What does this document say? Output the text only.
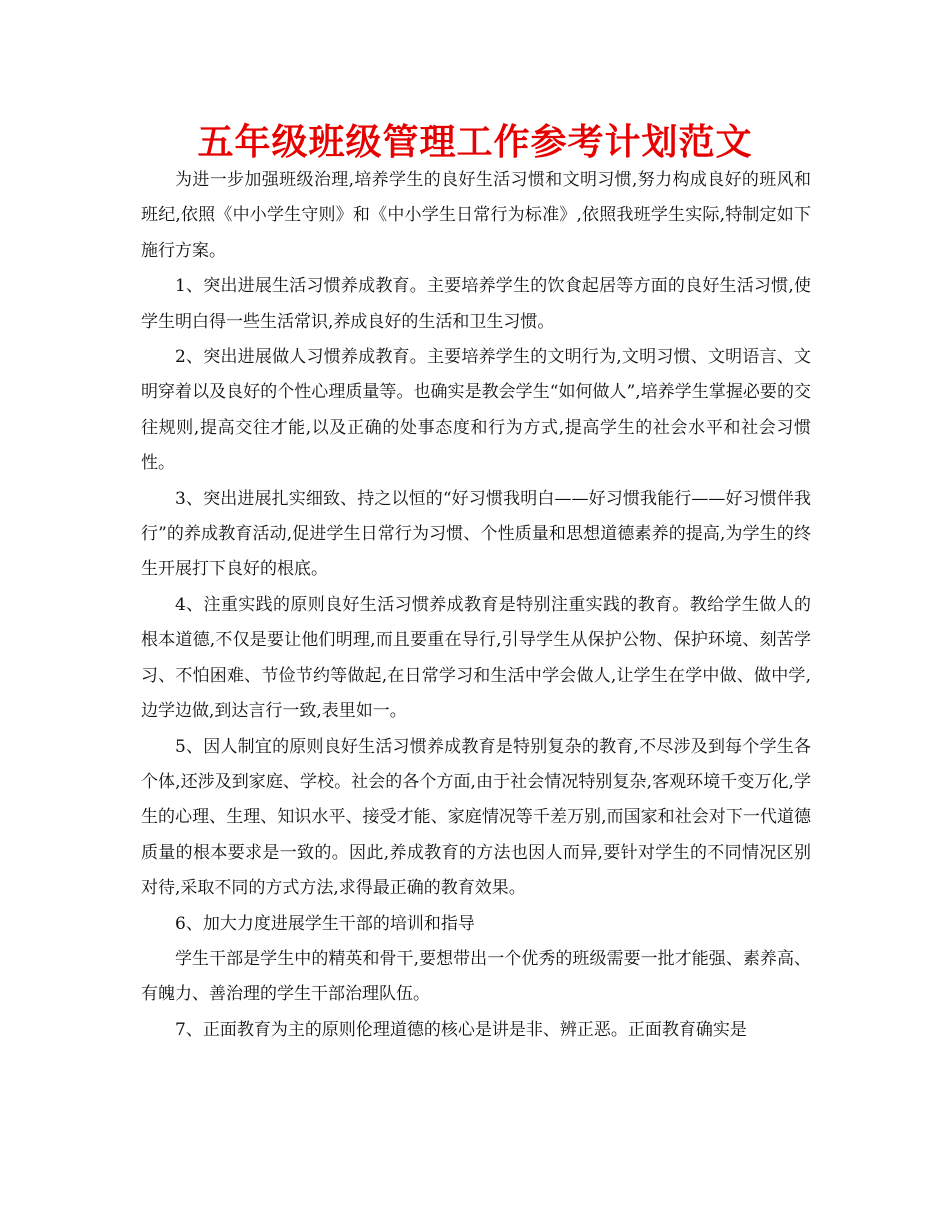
五年级班级管理工作参考计划范文

为进一步加强班级治理,培养学生的良好生活习惯和文明习惯,努力构成良好的班风和班纪,依照《中小学生守则》和《中小学生日常行为标准》,依照我班学生实际,特制定如下施行方案。

1、突出进展生活习惯养成教育。主要培养学生的饮食起居等方面的良好生活习惯,使学生明白得一些生活常识,养成良好的生活和卫生习惯。

2、突出进展做人习惯养成教育。主要培养学生的文明行为,文明习惯、文明语言、文明穿着以及良好的个性心理质量等。也确实是教会学生“如何做人”,培养学生掌握必要的交往规则,提高交往才能,以及正确的处事态度和行为方式,提高学生的社会水平和社会习惯性。

3、突出进展扎实细致、持之以恒的“好习惯我明白——好习惯我能行——好习惯伴我行”的养成教育活动,促进学生日常行为习惯、个性质量和思想道德素养的提高,为学生的终生开展打下良好的根底。

4、注重实践的原则良好生活习惯养成教育是特别注重实践的教育。教给学生做人的根本道德,不仅是要让他们明理,而且要重在导行,引导学生从保护公物、保护环境、刻苦学习、不怕困难、节俭节约等做起,在日常学习和生活中学会做人,让学生在学中做、做中学,边学边做,到达言行一致,表里如一。

5、因人制宜的原则良好生活习惯养成教育是特别复杂的教育,不尽涉及到每个学生各个体,还涉及到家庭、学校。社会的各个方面,由于社会情况特别复杂,客观环境千变万化,学生的心理、生理、知识水平、接受才能、家庭情况等千差万别,而国家和社会对下一代道德质量的根本要求是一致的。因此,养成教育的方法也因人而异,要针对学生的不同情况区别对待,采取不同的方式方法,求得最正确的教育效果。

6、加大力度进展学生干部的培训和指导

学生干部是学生中的精英和骨干,要想带出一个优秀的班级需要一批才能强、素养高、有魄力、善治理的学生干部治理队伍。

7、正面教育为主的原则伦理道德的核心是讲是非、辨正恶。正面教育确实是
